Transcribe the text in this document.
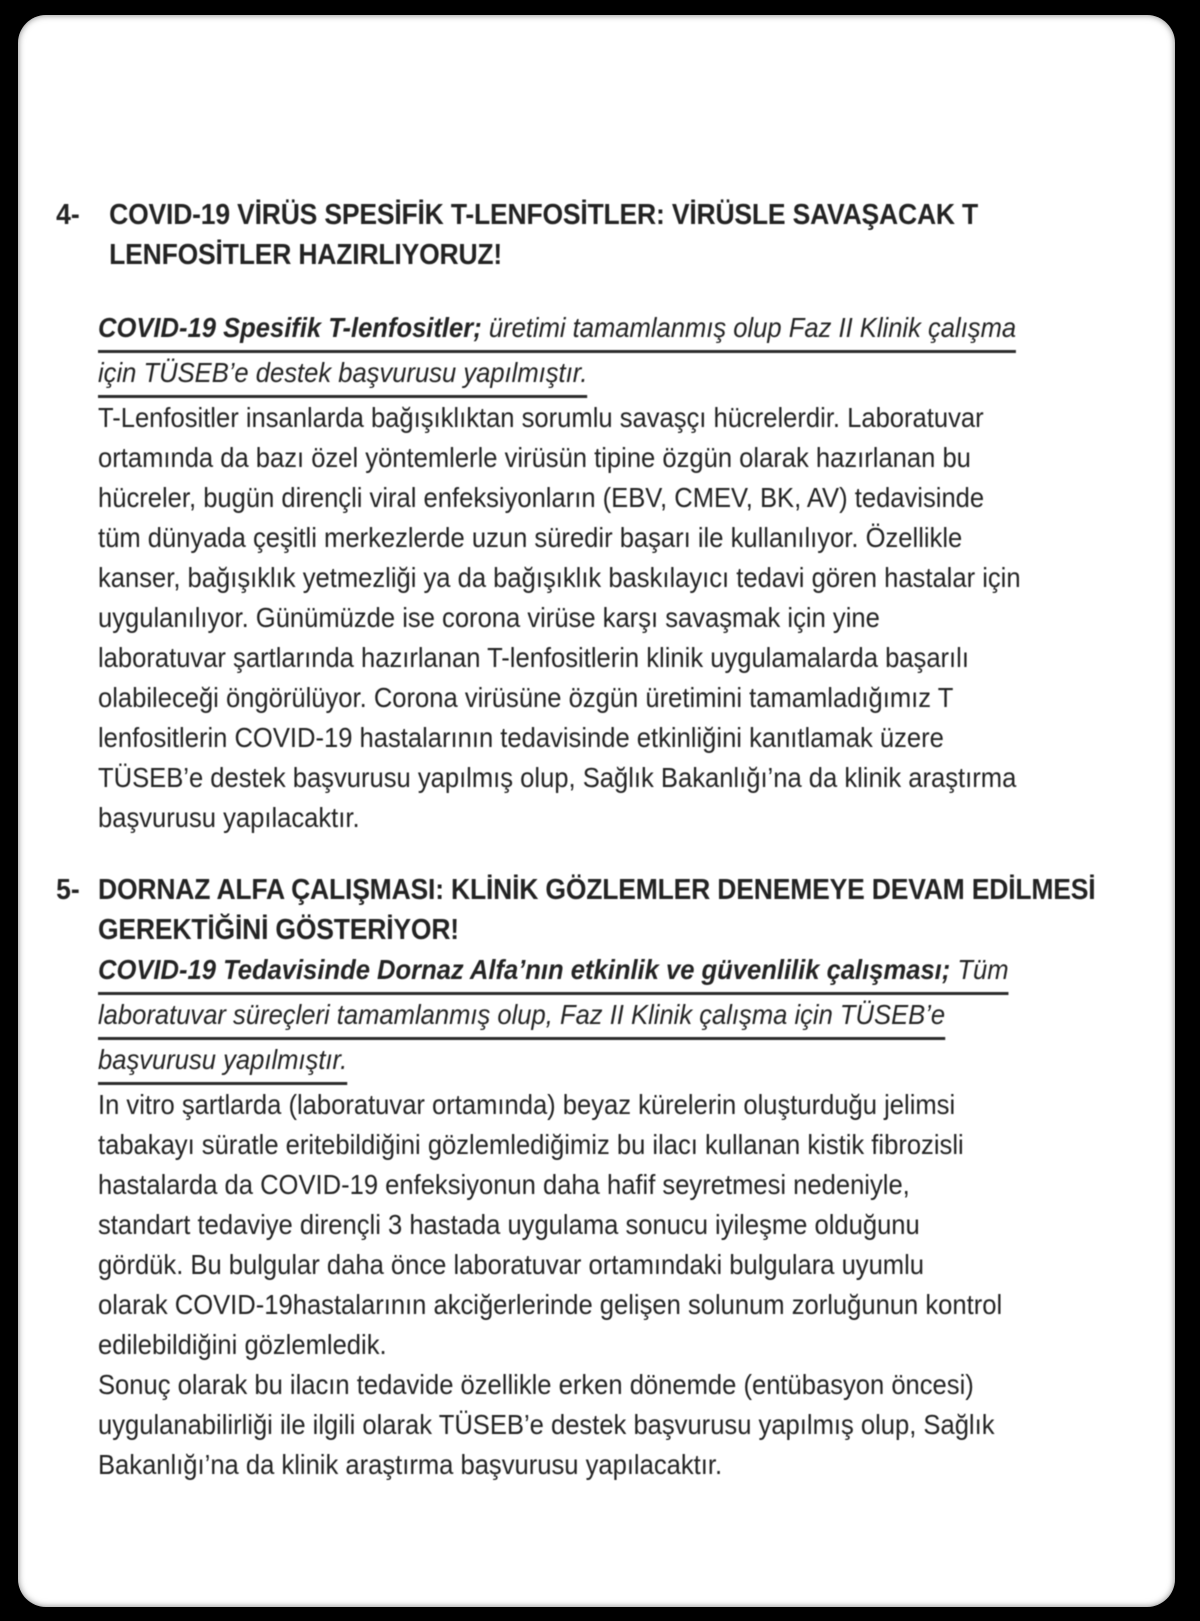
4- COVID-19 VİRÜS SPESİFİK T-LENFOSİTLER: VİRÜSLE SAVAŞACAK T
LENFOSİTLER HAZIRLIYORUZ!
COVID-19 Spesifik T-lenfositler; üretimi tamamlanmış olup Faz II Klinik çalışma
için TÜSEB’e destek başvurusu yapılmıştır.
T-Lenfositler insanlarda bağışıklıktan sorumlu savaşçı hücrelerdir. Laboratuvar
ortamında da bazı özel yöntemlerle virüsün tipine özgün olarak hazırlanan bu
hücreler, bugün dirençli viral enfeksiyonların (EBV, CMEV, BK, AV) tedavisinde
tüm dünyada çeşitli merkezlerde uzun süredir başarı ile kullanılıyor. Özellikle
kanser, bağışıklık yetmezliği ya da bağışıklık baskılayıcı tedavi gören hastalar için
uygulanılıyor. Günümüzde ise corona virüse karşı savaşmak için yine
laboratuvar şartlarında hazırlanan T-lenfositlerin klinik uygulamalarda başarılı
olabileceği öngörülüyor. Corona virüsüne özgün üretimini tamamladığımız T
lenfositlerin COVID-19 hastalarının tedavisinde etkinliğini kanıtlamak üzere
TÜSEB’e destek başvurusu yapılmış olup, Sağlık Bakanlığı’na da klinik araştırma
başvurusu yapılacaktır.
5- DORNAZ ALFA ÇALIŞMASI: KLİNİK GÖZLEMLER DENEMEYE DEVAM EDİLMESİ
GEREKTİĞİNİ GÖSTERİYOR!
COVID-19 Tedavisinde Dornaz Alfa’nın etkinlik ve güvenlilik çalışması; Tüm
laboratuvar süreçleri tamamlanmış olup, Faz II Klinik çalışma için TÜSEB’e
başvurusu yapılmıştır.
In vitro şartlarda (laboratuvar ortamında) beyaz kürelerin oluşturduğu jelimsi
tabakayı süratle eritebildiğini gözlemlediğimiz bu ilacı kullanan kistik fibrozisli
hastalarda da COVID-19 enfeksiyonun daha hafif seyretmesi nedeniyle,
standart tedaviye dirençli 3 hastada uygulama sonucu iyileşme olduğunu
gördük. Bu bulgular daha önce laboratuvar ortamındaki bulgulara uyumlu
olarak COVID-19hastalarının akciğerlerinde gelişen solunum zorluğunun kontrol
edilebildiğini gözlemledik.
Sonuç olarak bu ilacın tedavide özellikle erken dönemde (entübasyon öncesi)
uygulanabilirliği ile ilgili olarak TÜSEB’e destek başvurusu yapılmış olup, Sağlık
Bakanlığı’na da klinik araştırma başvurusu yapılacaktır.
